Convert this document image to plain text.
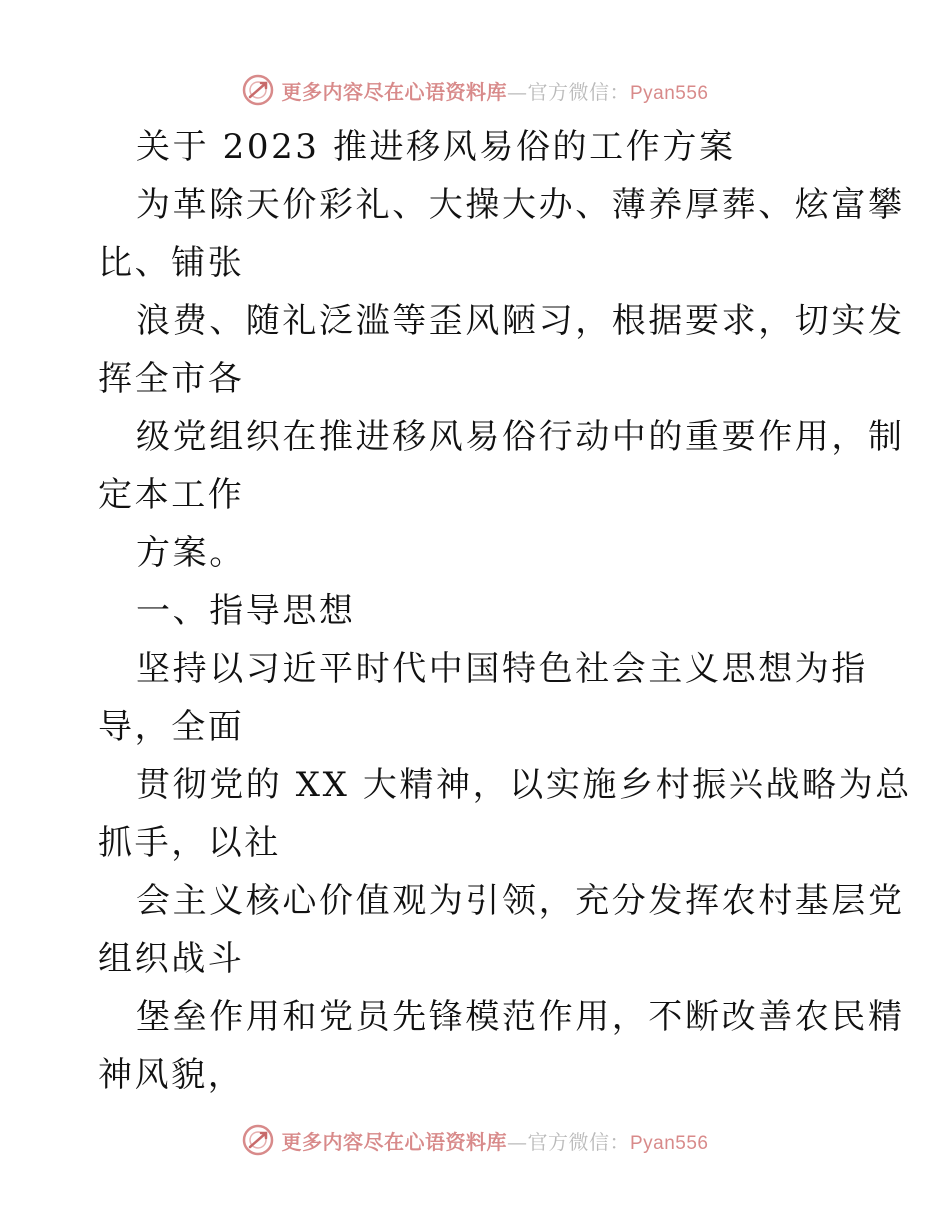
更多内容尽在心语资料库 — 官方微信： Pyan556
关于 2023 推进移风易俗的工作方案
为革除天价彩礼、大操大办、薄养厚葬、炫富攀
比、铺张
浪费、随礼泛滥等歪风陋习，根据要求，切实发
挥全市各
级党组织在推进移风易俗行动中的重要作用，制
定本工作
方案。
一、指导思想
坚持以习近平时代中国特色社会主义思想为指
导，全面
贯彻党的 XX 大精神，以实施乡村振兴战略为总
抓手，以社
会主义核心价值观为引领，充分发挥农村基层党
组织战斗
堡垒作用和党员先锋模范作用，不断改善农民精
神风貌，
更多内容尽在心语资料库 — 官方微信： Pyan556
